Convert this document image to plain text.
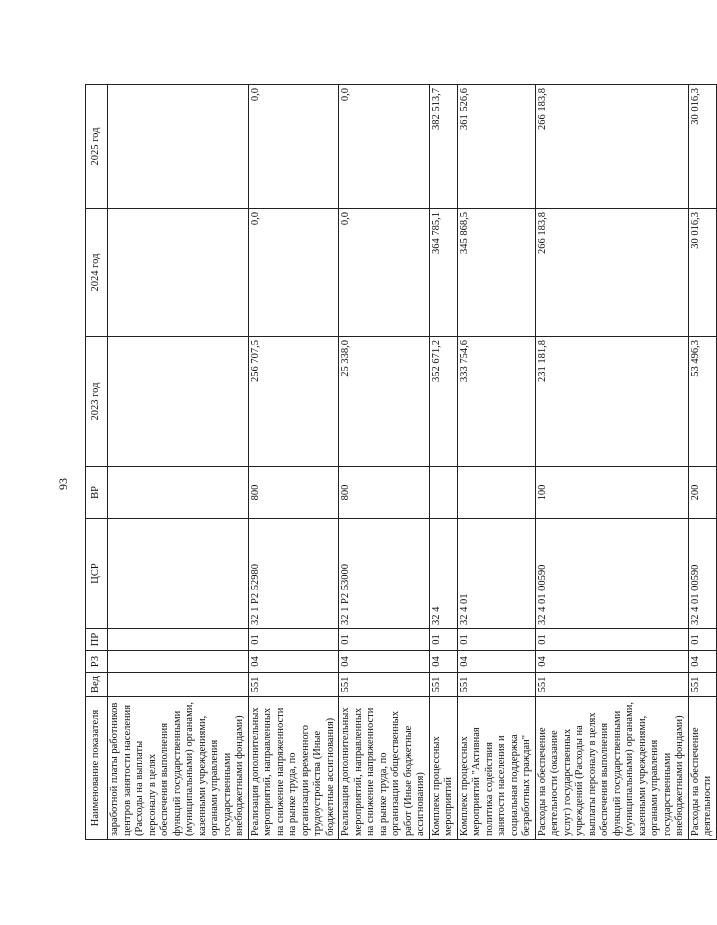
93
Наименование показателя	Вед	РЗ	ПР	ЦСР	ВР	2023 год	2024 год	2025 год
заработной платы работников центров занятости населения (Расходы на выплаты персоналу в целях обеспечения выполнения функций государственными (муниципальными) органами, казенными учреждениями, органами управления государственными внебюджетными фондами)								
Реализация дополнительных мероприятий, направленных на снижение напряженности на рынке труда, по организации временного трудоустройства (Иные бюджетные ассигнования)	551	04	01	32 1 P2 52980	800	256 707,5	0,0	0,0
Реализация дополнительных мероприятий, направленных на снижение напряженности на рынке труда, по организации общественных работ (Иные бюджетные ассигнования)	551	04	01	32 1 P2 53000	800	25 338,0	0,0	0,0
Комплекс процессных мероприятий	551	04	01	32 4		352 671,2	364 785,1	382 513,7
Комплекс процессных мероприятий "Активная политика содействия занятости населения и социальная поддержка безработных граждан"	551	04	01	32 4 01		333 754,6	345 868,5	361 526,6
Расходы на обеспечение деятельности (оказание услуг) государственных учреждений (Расходы на выплаты персоналу в целях обеспечения выполнения функций государственными (муниципальными) органами, казенными учреждениями, органами управления государственными внебюджетными фондами)	551	04	01	32 4 01 00590	100	231 181,8	266 183,8	266 183,8
Расходы на обеспечение деятельности	551	04	01	32 4 01 00590	200	53 496,3	30 016,3	30 016,3
